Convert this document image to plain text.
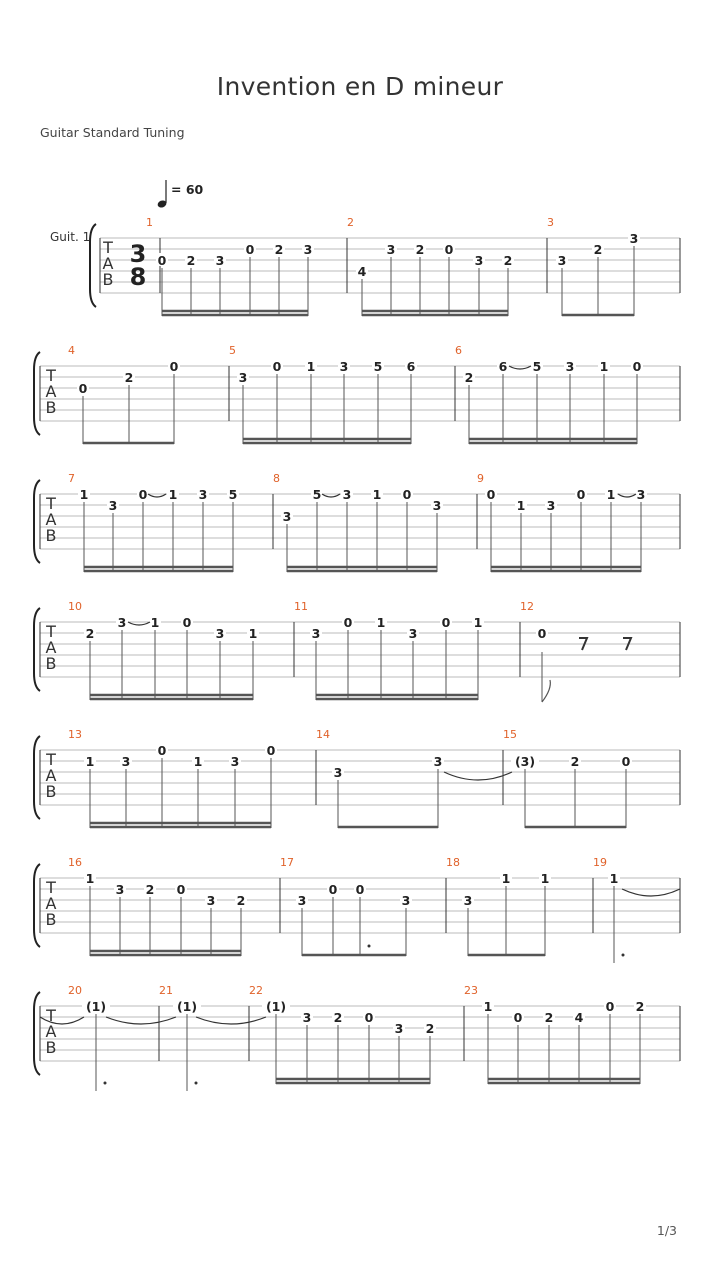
Invention en D mineur
Guitar Standard Tuning
= 60
Guit. 1
T
A
B
3
8
1
0 2 3
0 2 3
2
4
3 2 0
3 2
3
3
2
3
T
A
B
4
0
2
0
5
3
0 1 3 5 6
6
2
6 5 3 1 0
T
A
B
7
1
3
0 1 3 5
8
3
5 3 1 0
3
9
0
1 3
0 1 3
T
A
B
10
2
3 1 0
3 1
11
3
0 1
3
0 1
12
0
T
A
B
13
1 3
0
1 3
0
14
3
3
15
(3)	2	0
T
A
B
16
1
3 2 0
3 2
17
3
0 0
3
18
3
1 1
19
1
T
A
B
20
(1)
21
(1)
22
(1)
3 2 0
3 2
23
1
0 2 4
0 2
1/3
